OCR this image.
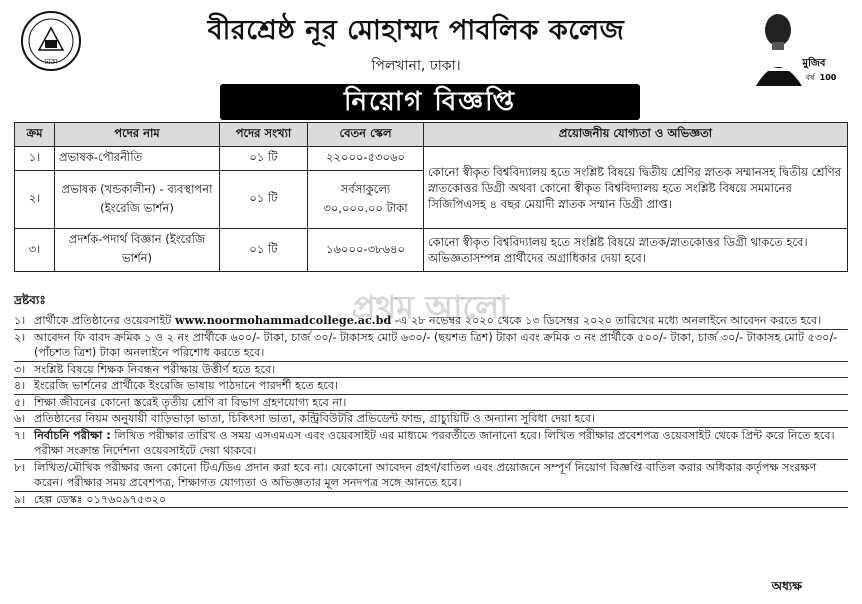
ঢাকা
বীরশ্রেষ্ঠ নূর মোহাম্মদ পাবলিক কলেজ
পিলখানা, ঢাকা।	মুজিব
বর্ষ 100
নিয়োগ বিজ্ঞপ্তি
ক্রম	পদের নাম	পদের সংখ্যা	বেতন স্কেল	প্রয়োজনীয় যোগ্যতা ও অভিজ্ঞতা
১।	প্রভাষক-পৌরনীতি	০১ টি	২২০০০-৫৩০৬০	কোনো স্বীকৃত বিশ্ববিদ্যালয় হতে সংশ্লিষ্ট বিষয়ে দ্বিতীয় শ্রেণির স্নাতক সম্মানসহ দ্বিতীয় শ্রেণির স্নাতকোত্তর ডিগ্রী অথবা কোনো স্বীকৃত বিশ্ববিদ্যালয় হতে সংশ্লিষ্ট বিষয়ে সমমানের সিজিপিএসহ ৪ বছর মেয়াদী স্নাতক সম্মান ডিগ্রী প্রাপ্ত।
২।	প্রভাষক (খন্ডকালীন) - ব্যবস্থাপনা (ইংরেজি ভার্শন)	০১ টি	সর্বসাকুল্যে ৩০,০০০.০০ টাকা	
৩।	প্রদর্শক-পদার্থ বিজ্ঞান (ইংরেজি ভার্শন)	০১ টি	১৬০০০-৩৮৬৪০	কোনো স্বীকৃত বিশ্ববিদ্যালয় হতে সংশ্লিষ্ট বিষয়ে স্নাতক/স্নাতকোত্তর ডিগ্রী থাকতে হবে। অভিজ্ঞতাসম্পন্ন প্রার্থীদের অগ্রাধিকার দেয়া হবে।
প্রথম আলো
দ্রষ্টব্যঃ
১। প্রার্থীকে প্রতিষ্ঠানের ওয়েবসাইট www.noormohammadcollege.ac.bd -এ ২৮ নভেম্বর ২০২০ থেকে ১৩ ডিসেম্বর ২০২০ তারিখের মধ্যে অনলাইনে আবেদন করতে হবে।
২। আবেদন ফি বাবদ ক্রমিক ১ ও ২ নং প্রার্থীকে ৬০০/- টাকা, চার্জ ৩০/- টাকাসহ মোট ৬৩০/- (ছয়শত ত্রিশ) টাকা এবং ক্রমিক ৩ নং প্রার্থীকে ৫০০/- টাকা, চার্জ ৩০/- টাকাসহ মোট ৫৩০/- (পাঁচশত ত্রিশ) টাকা অনলাইনে পরিশোধ করতে হবে।
৩। সংশ্লিষ্ট বিষয়ে শিক্ষক নিবন্ধন পরীক্ষায় উত্তীর্ণ হতে হবে।
৪। ইংরেজি ভার্শনের প্রার্থীকে ইংরেজি ভাষায় পাঠদানে পারদর্শী হতে হবে।
৫। শিক্ষা জীবনের কোনো স্তরেই তৃতীয় শ্রেণি বা বিভাগ গ্রহণযোগ্য হবে না।
৬। প্রতিষ্ঠানের নিয়ম অনুযায়ী বাড়িভাড়া ভাতা, চিকিৎসা ভাতা, কন্ট্রিবিউটরি প্রভিডেন্ট ফান্ড, গ্রাচ্যুয়িটি ও অন্যান্য সুবিধা দেয়া হবে।
৭। নির্বাচনি পরীক্ষা : লিখিত পরীক্ষার তারিখ ও সময় এসএমএস এবং ওয়েবসাইট এর মাধ্যমে পরবর্তীতে জানানো হবে। লিখিত পরীক্ষার প্রবেশপত্র ওয়েবসাইট থেকে প্রিন্ট করে নিতে হবে। পরীক্ষা সংক্রান্ত নির্দেশনা ওয়েবসাইটে দেয়া থাকবে।
৮। লিখিত/মৌখিক পরীক্ষার জন্য কোনো টিএ/ডিএ প্রদান করা হবে না। যেকোনো আবেদন গ্রহণ/বাতিল এবং প্রয়োজনে সম্পূর্ণ নিয়োগ বিজ্ঞপ্তি বাতিল করার অধিকার কর্তৃপক্ষ সংরক্ষণ করেন। পরীক্ষার সময় প্রবেশপত্র, শিক্ষাগত যোগ্যতা ও অভিজ্ঞতার মূল সনদপত্র সঙ্গে আনতে হবে।
৯। হেল্প ডেস্কঃ ০১৭৬০৯৭৫৩২০
অধ্যক্ষ
